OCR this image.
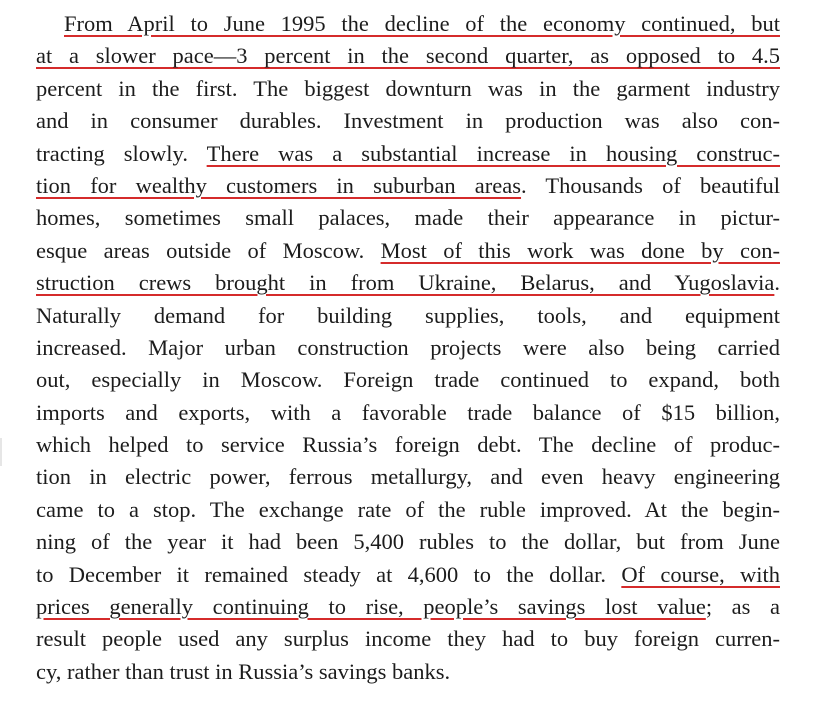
From April to June 1995 the decline of the economy continued, but
at a slower pace—3 percent in the second quarter, as opposed to 4.5
percent in the first. The biggest downturn was in the garment industry
and in consumer durables. Investment in production was also con-
tracting slowly. There was a substantial increase in housing construc-
tion for wealthy customers in suburban areas. Thousands of beautiful
homes, sometimes small palaces, made their appearance in pictur-
esque areas outside of Moscow. Most of this work was done by con-
struction crews brought in from Ukraine, Belarus, and Yugoslavia.
Naturally demand for building supplies, tools, and equipment
increased. Major urban construction projects were also being carried
out, especially in Moscow. Foreign trade continued to expand, both
imports and exports, with a favorable trade balance of $15 billion,
which helped to service Russia’s foreign debt. The decline of produc-
tion in electric power, ferrous metallurgy, and even heavy engineering
came to a stop. The exchange rate of the ruble improved. At the begin-
ning of the year it had been 5,400 rubles to the dollar, but from June
to December it remained steady at 4,600 to the dollar. Of course, with
prices generally continuing to rise, people’s savings lost value; as a
result people used any surplus income they had to buy foreign curren-
cy, rather than trust in Russia’s savings banks.
